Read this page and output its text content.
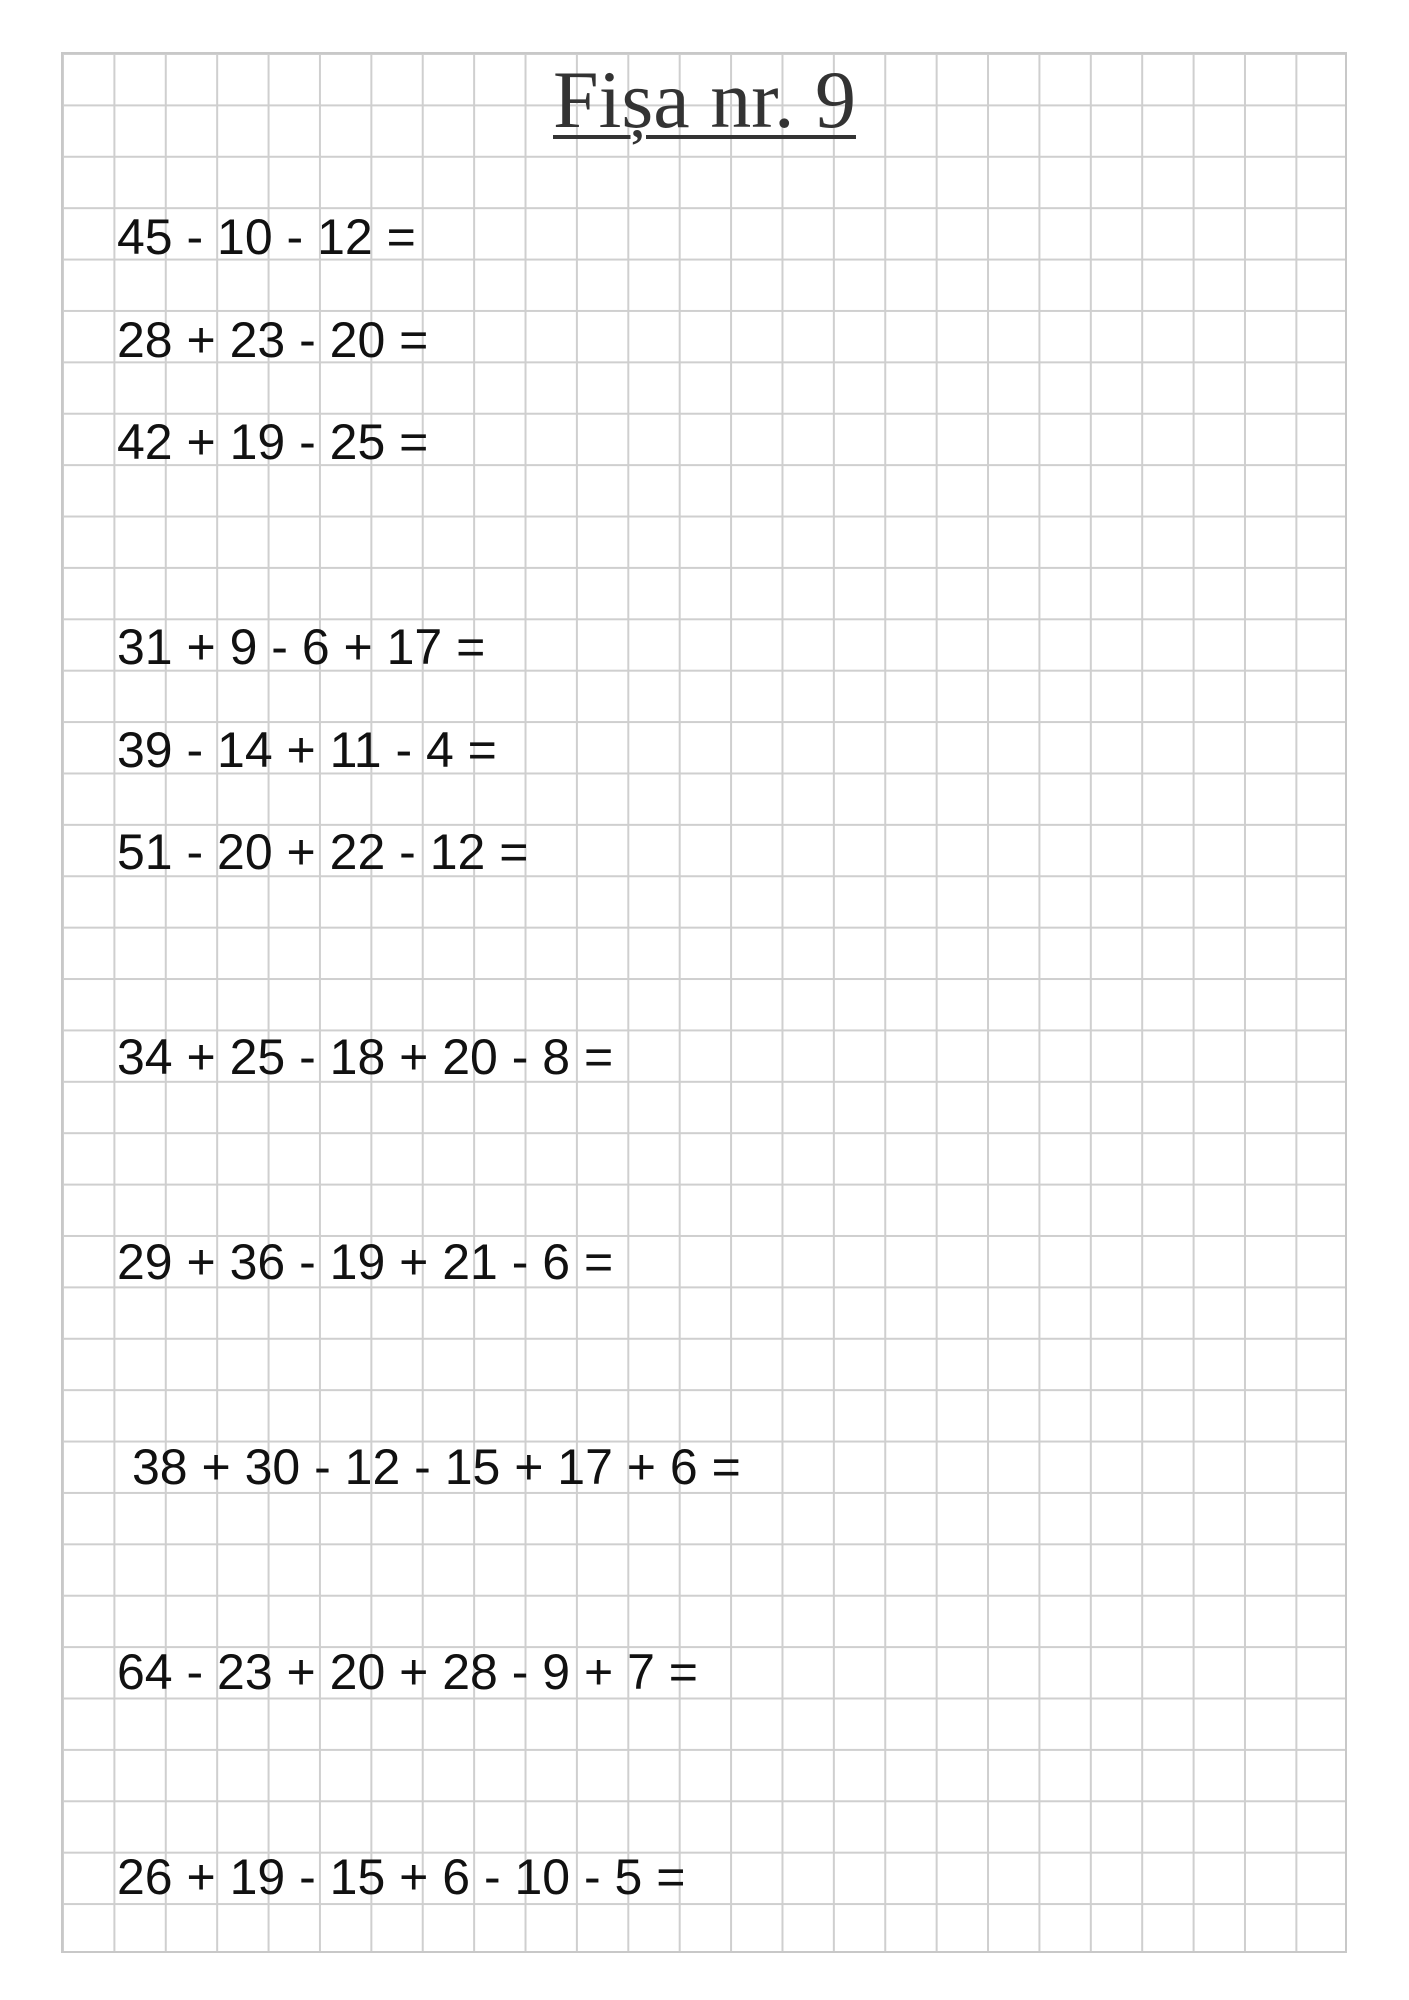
Fișa nr. 9

45 - 10 - 12 =

28 + 23 - 20 =

42 + 19 - 25 =

31 + 9 - 6 + 17 =

39 - 14 + 11 - 4 =

51 - 20 + 22 - 12 =

34 + 25 - 18 + 20 - 8 =

29 + 36 - 19 + 21 - 6 =

38 + 30 - 12 - 15 + 17 + 6 =

64 - 23 + 20 + 28 - 9 + 7 =

26 + 19 - 15 + 6 - 10 - 5 =
